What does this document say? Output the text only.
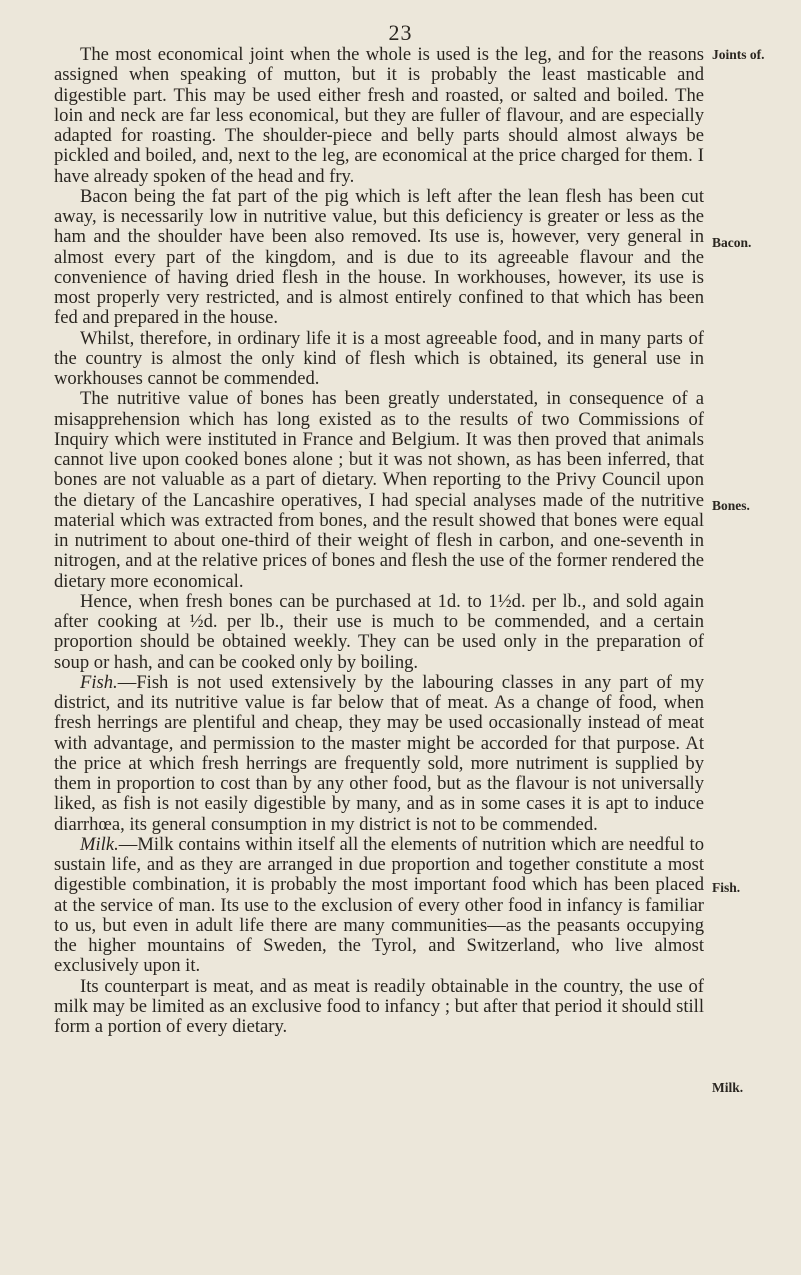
23

The most economical joint when the whole is used is the leg, and for the reasons assigned when speaking of mutton, but it is probably the least masticable and digestible part. This may be used either fresh and roasted, or salted and boiled. The loin and neck are far less economical, but they are fuller of flavour, and are especially adapted for roasting. The shoulder-piece and belly parts should almost always be pickled and boiled, and, next to the leg, are economical at the price charged for them. I have already spoken of the head and fry.

Bacon being the fat part of the pig which is left after the lean flesh has been cut away, is necessarily low in nutritive value, but this deficiency is greater or less as the ham and the shoulder have been also removed. Its use is, however, very general in almost every part of the kingdom, and is due to its agreeable flavour and the convenience of having dried flesh in the house. In workhouses, however, its use is most properly very restricted, and is almost entirely confined to that which has been fed and prepared in the house.

Whilst, therefore, in ordinary life it is a most agreeable food, and in many parts of the country is almost the only kind of flesh which is obtained, its general use in workhouses cannot be commended.

The nutritive value of bones has been greatly understated, in consequence of a misapprehension which has long existed as to the results of two Commissions of Inquiry which were instituted in France and Belgium. It was then proved that animals cannot live upon cooked bones alone ; but it was not shown, as has been inferred, that bones are not valuable as a part of dietary. When reporting to the Privy Council upon the dietary of the Lancashire operatives, I had special analyses made of the nutritive material which was extracted from bones, and the result showed that bones were equal in nutriment to about one-third of their weight of flesh in carbon, and one-seventh in nitrogen, and at the relative prices of bones and flesh the use of the former rendered the dietary more economical.

Hence, when fresh bones can be purchased at 1d. to 1½d. per lb., and sold again after cooking at ½d. per lb., their use is much to be commended, and a certain proportion should be obtained weekly. They can be used only in the preparation of soup or hash, and can be cooked only by boiling.

Fish.—Fish is not used extensively by the labouring classes in any part of my district, and its nutritive value is far below that of meat. As a change of food, when fresh herrings are plentiful and cheap, they may be used occasionally instead of meat with advantage, and permission to the master might be accorded for that purpose. At the price at which fresh herrings are frequently sold, more nutriment is supplied by them in proportion to cost than by any other food, but as the flavour is not universally liked, as fish is not easily digestible by many, and as in some cases it is apt to induce diarrhœa, its general consumption in my district is not to be commended.

Milk.—Milk contains within itself all the elements of nutrition which are needful to sustain life, and as they are arranged in due proportion and together constitute a most digestible combination, it is probably the most important food which has been placed at the service of man. Its use to the exclusion of every other food in infancy is familiar to us, but even in adult life there are many communities—as the peasants occupying the higher mountains of Sweden, the Tyrol, and Switzerland, who live almost exclusively upon it.

Its counterpart is meat, and as meat is readily obtainable in the country, the use of milk may be limited as an exclusive food to infancy ; but after that period it should still form a portion of every dietary.

Joints of.
Bacon.
Bones.
Fish.
Milk.
